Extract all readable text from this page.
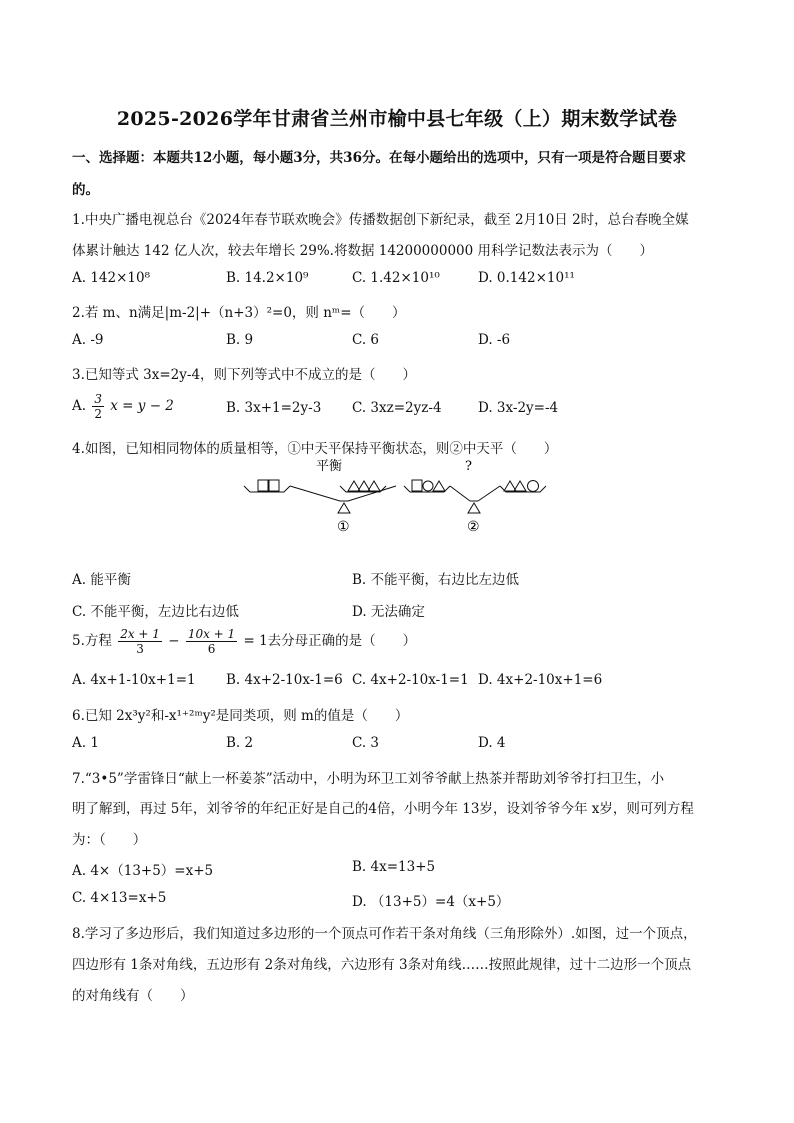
2025-2026学年甘肃省兰州市榆中县七年级（上）期末数学试卷
一、选择题：本题共12小题，每小题3分，共36分。在每小题给出的选项中，只有一项是符合题目要求
的。
1.中央广播电视总台《2024年春节联欢晚会》传播数据创下新纪录，截至 2月10日 2时，总台春晚全媒
体累计触达 142 亿人次，较去年增长 29%.将数据 14200000000 用科学记数法表示为（　　）
A. 142×10⁸	B. 14.2×10⁹	C. 1.42×10¹⁰	D. 0.142×10¹¹
2.若 m、n满足|m-2|+（n+3）²=0，则 nᵐ=（　　）
A. -9	B. 9	C. 6	D. -6
3.已知等式 3x=2y-4，则下列等式中不成立的是（　　）
A. $\frac{3}{2}$ x = y − 2	B. 3x+1=2y-3 C. 3xz=2yz-4	D. 3x-2y=-4
4.如图，已知相同物体的质量相等，①中天平保持平衡状态，则②中天平（　　）
平衡
①
?
②
A. 能平衡	B. 不能平衡，右边比左边低
C. 不能平衡，左边比右边低	D. 无法确定
5.方程 $\frac{2x + 1}{3} - \frac{10x + 1}{6} = 1$去分母正确的是（　　）
A. 4x+1-10x+1=1 B. 4x+2-10x-1=6 C. 4x+2-10x-1=1 D. 4x+2-10x+1=6
6.已知 2x³y²和-x¹⁺²ᵐy²是同类项，则 m的值是（　　）
A. 1	B. 2	C. 3	D. 4
7.“3•5”学雷锋日“献上一杯姜茶”活动中，小明为环卫工刘爷爷献上热茶并帮助刘爷爷打扫卫生，小
明了解到，再过 5年，刘爷爷的年纪正好是自己的4倍，小明今年 13岁，设刘爷爷今年 x岁，则可列方程
为：（　　）
A. 4×（13+5）=x+5	B. 4x=13+5
C. 4×13=x+5	D. （13+5）=4（x+5）
8.学习了多边形后，我们知道过多边形的一个顶点可作若干条对角线（三角形除外）.如图，过一个顶点，
四边形有 1条对角线，五边形有 2条对角线，六边形有 3条对角线……按照此规律，过十二边形一个顶点
的对角线有（　　）
